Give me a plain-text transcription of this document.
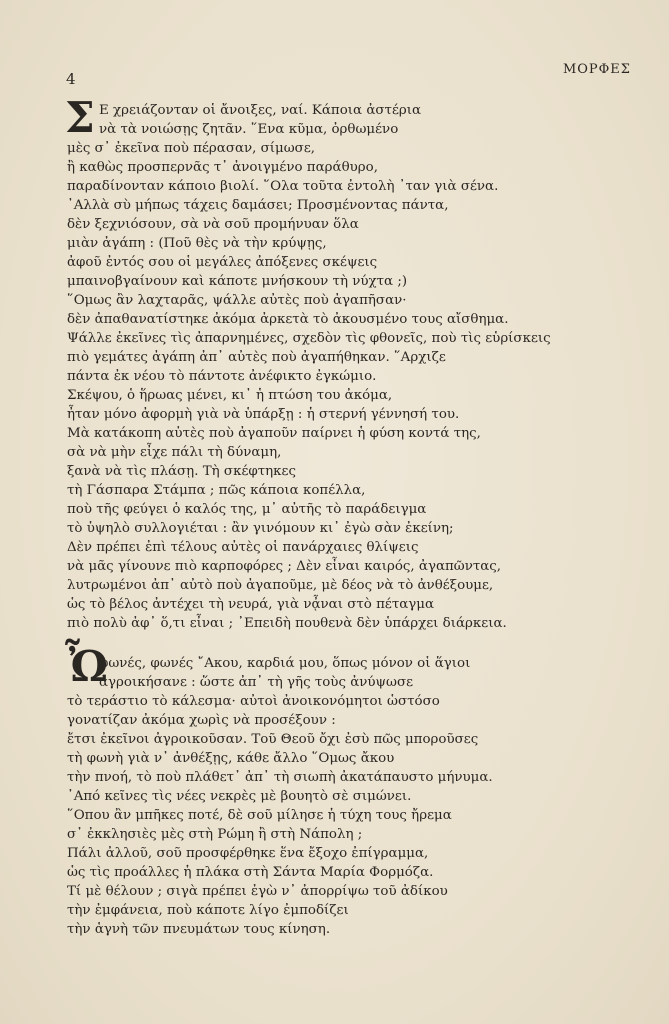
4
ΜΟΡΦΕΣ
Σ Ε χρειάζονταν οἱ ἄνοιξες, ναί. Κάποια ἀστέρια
νὰ τὰ νοιώσῃς ζητᾶν. ῞Ενα κῦμα, ὀρθωμένο
μὲς σ᾽ ἐκεῖνα ποὺ πέρασαν, σίμωσε,
ἢ καθὼς προσπερνᾶς τ᾽ ἀνοιγμένο παράθυρο,
παραδίνονταν κάποιο βιολί. ῞Ολα τοῦτα ἐντολὴ ᾽ταν γιὰ σένα.
᾽Αλλὰ σὺ μήπως τάχεις δαμάσει; Προσμένοντας πάντα,
δὲν ξεχνιόσουν, σὰ νὰ σοῦ προμήνυαν ὅλα
μιὰν ἀγάπη : (Ποῦ θὲς νὰ τὴν κρύψῃς,
ἀφοῦ ἐντός σου οἱ μεγάλες ἀπόξενες σκέψεις
μπαινοβγαίνουν καὶ κάποτε μνήσκουν τὴ νύχτα ;)
῞Ομως ἂν λαχταρᾶς, ψάλλε αὐτὲς ποὺ ἀγαπῆσαν·
δὲν ἀπαθανατίστηκε ἀκόμα ἀρκετὰ τὸ ἀκουσμένο τους αἴσθημα.
Ψάλλε ἐκεῖνες τὶς ἀπαρνημένες, σχεδὸν τὶς φθονεῖς, ποὺ τὶς εὑρίσκεις
πιὸ γεμάτες ἀγάπη ἀπ᾽ αὐτὲς ποὺ ἀγαπήθηκαν. ῞Αρχιζε
πάντα ἐκ νέου τὸ πάντοτε ἀνέφικτο ἐγκώμιο.
Σκέψου, ὁ ἥρωας μένει, κι᾽ ἡ πτώση του ἀκόμα,
ἦταν μόνο ἀφορμὴ γιὰ νὰ ὑπάρξῃ : ἡ στερνή γέννησή του.
Μὰ κατάκοπη αὐτὲς ποὺ ἀγαποῦν παίρνει ἡ φύση κοντά της,
σὰ νὰ μὴν εἶχε πάλι τὴ δύναμη,
ξανὰ νὰ τὶς πλάσῃ. Τὴ σκέφτηκες
τὴ Γάσπαρα Στάμπα ; πῶς κάποια κοπέλλα,
ποὺ τῆς φεύγει ὁ καλός της, μ᾽ αὐτῆς τὸ παράδειγμα
τὸ ὑψηλὸ συλλογιέται : ἂν γινόμουν κι᾽ ἐγὼ σὰν ἐκείνη;
Δὲν πρέπει ἐπὶ τέλους αὐτὲς οἱ πανάρχαιες θλίψεις
νὰ μᾶς γίνουνε πιὸ καρποφόρες ; Δὲν εἶναι καιρός, ἀγαπῶντας,
λυτρωμένοι ἀπ᾽ αὐτὸ ποὺ ἀγαποῦμε, μὲ δέος νὰ τὸ ἀνθέξουμε,
ὡς τὸ βέλος ἀντέχει τὴ νευρά, γιὰ νᾆναι στὸ πέταγμα
πιὸ πολὺ ἀφ᾽ ὅ,τι εἶναι ; ᾽Επειδὴ πουθενὰ δὲν ὑπάρχει διάρκεια.
Ὦ
φωνές, φωνές ῎Ακου, καρδιά μου, ὅπως μόνον οἱ ἅγιοι
ἀγροικήσανε : ὥστε ἀπ᾽ τὴ γῆς τοὺς ἀνύψωσε
τὸ τεράστιο τὸ κάλεσμα· αὐτοὶ ἀνοικονόμητοι ὡστόσο
γονατίζαν ἀκόμα χωρὶς νὰ προσέξουν :
ἔτσι ἐκεῖνοι ἀγροικοῦσαν. Τοῦ Θεοῦ ὄχι ἐσὺ πῶς μποροῦσες
τὴ φωνὴ γιὰ ν᾽ ἀνθέξῃς, κάθε ἄλλο ῞Ομως ἄκου
τὴν πνοή, τὸ ποὺ πλάθετ᾽ ἀπ᾽ τὴ σιωπὴ ἀκατάπαυστο μήνυμα.
᾽Από κεῖνες τὶς νέες νεκρὲς μὲ βουητὸ σὲ σιμώνει.
῞Οπου ἂν μπῆκες ποτέ, δὲ σοῦ μίλησε ἡ τύχη τους ἤρεμα
σ᾽ ἐκκλησιὲς μὲς στὴ Ρώμη ἢ στὴ Νάπολη ;
Πάλι ἀλλοῦ, σοῦ προσφέρθηκε ἕνα ἔξοχο ἐπίγραμμα,
ὡς τὶς προάλλες ἡ πλάκα στὴ Σάντα Μαρία Φορμόζα.
Τί μὲ θέλουν ; σιγὰ πρέπει ἐγὼ ν᾽ ἀπορρίψω τοῦ ἀδίκου
τὴν ἐμφάνεια, ποὺ κάποτε λίγο ἐμποδίζει
τὴν ἁγνὴ τῶν πνευμάτων τους κίνηση.
